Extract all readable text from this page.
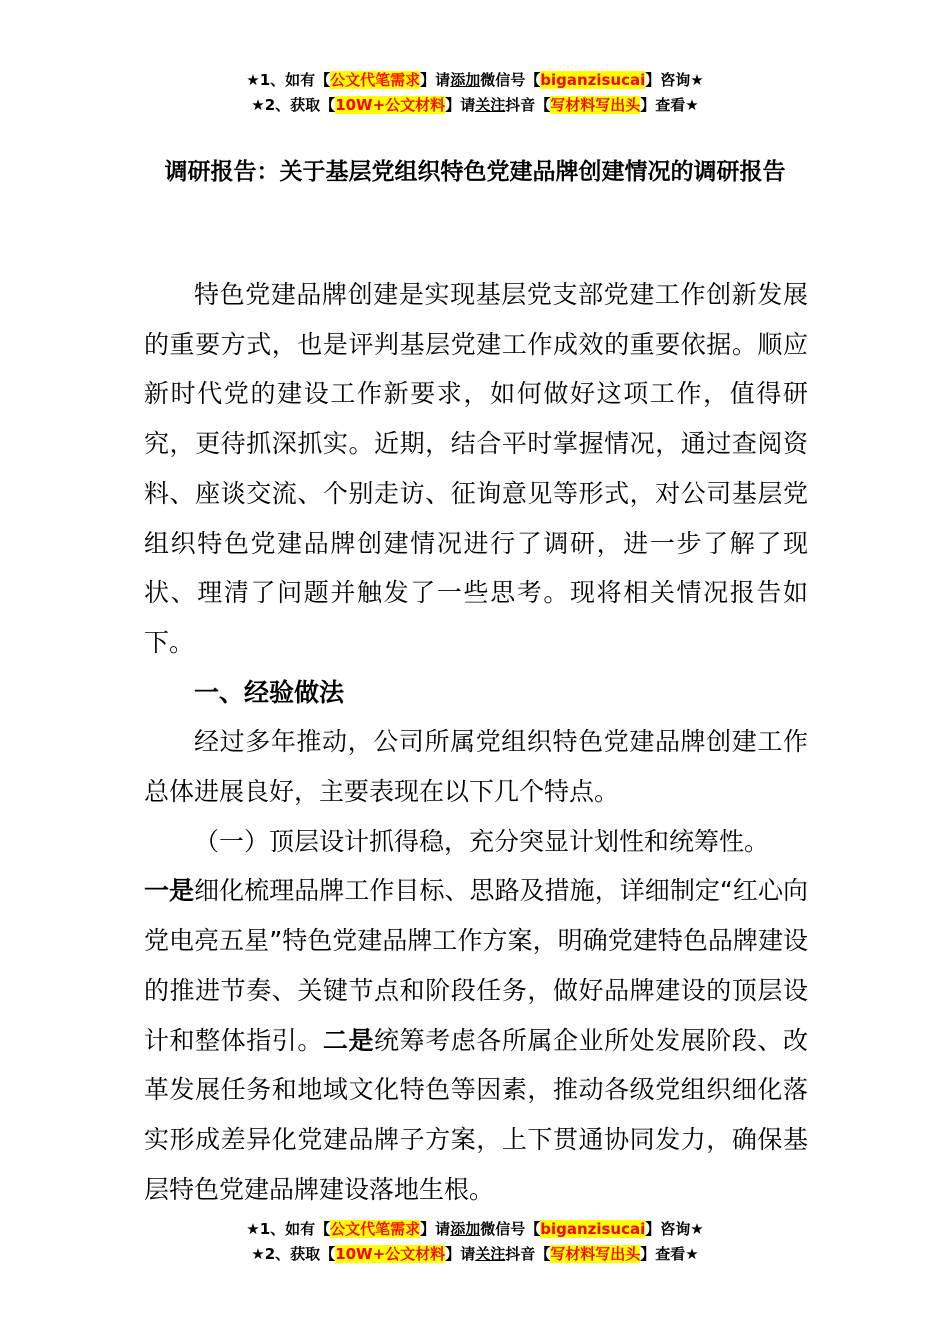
★1、如有【公文代笔需求】请添加微信号【biganzisucai】咨询★
★2、获取【10W+公文材料】请关注抖音【写材料写出头】查看★
调研报告：关于基层党组织特色党建品牌创建情况的调研报告

特色党建品牌创建是实现基层党支部党建工作创新发展的重要方式，也是评判基层党建工作成效的重要依据。顺应新时代党的建设工作新要求，如何做好这项工作，值得研究，更待抓深抓实。近期，结合平时掌握情况，通过查阅资料、座谈交流、个别走访、征询意见等形式，对公司基层党组织特色党建品牌创建情况进行了调研，进一步了解了现状、理清了问题并触发了一些思考。现将相关情况报告如下。

一、经验做法

经过多年推动，公司所属党组织特色党建品牌创建工作总体进展良好，主要表现在以下几个特点。

（一）顶层设计抓得稳，充分突显计划性和统筹性。

一是细化梳理品牌工作目标、思路及措施，详细制定“红心向党电亮五星”特色党建品牌工作方案，明确党建特色品牌建设的推进节奏、关键节点和阶段任务，做好品牌建设的顶层设计和整体指引。二是统筹考虑各所属企业所处发展阶段、改革发展任务和地域文化特色等因素，推动各级党组织细化落实形成差异化党建品牌子方案，上下贯通协同发力，确保基层特色党建品牌建设落地生根。

★1、如有【公文代笔需求】请添加微信号【biganzisucai】咨询★
★2、获取【10W+公文材料】请关注抖音【写材料写出头】查看★
